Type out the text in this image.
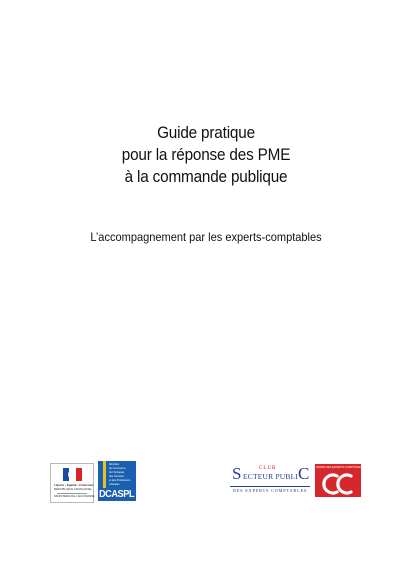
Guide pratique
pour la réponse des PME
à la commande publique
L’accompagnement par les experts-comptables
Liberté • Égalité • Fraternité
RÉPUBLIQUE FRANÇAISE
MINISTÈRE DE L’ÉCONOMIE
Direction
du Commerce,
de l'Artisanat,
des Services
et des Professions
Libérales
DCASPL
S	CLUB
ECTEUR PUBLI C
DES EXPERTS COMPTABLES
ORDRE DES EXPERTS-COMPTABLES
